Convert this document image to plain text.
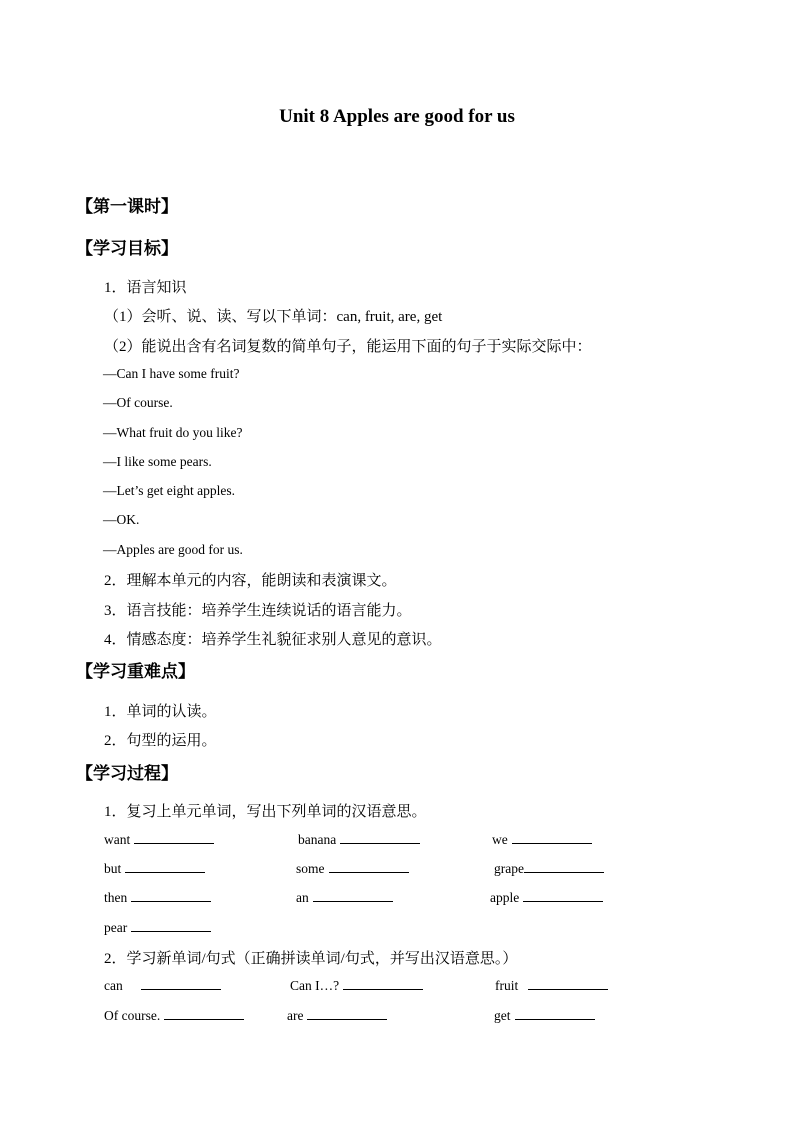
Unit 8 Apples are good for us
【第一课时】
【学习目标】
1．语言知识
（1）会听、说、读、写以下单词：can, fruit, are, get
（2）能说出含有名词复数的简单句子，能运用下面的句子于实际交际中：
—Can I have some fruit?
—Of course.
—What fruit do you like?
—I like some pears.
—Let’s get eight apples.
—OK.
—Apples are good for us.
2．理解本单元的内容，能朗读和表演课文。
3．语言技能：培养学生连续说话的语言能力。
4．情感态度：培养学生礼貌征求别人意见的意识。
【学习重难点】
1．单词的认读。
2．句型的运用。
【学习过程】
1．复习上单元单词，写出下列单词的汉语意思。
want	banana	we
but	some	grape
then	an	apple
pear
2．学习新单词/句式（正确拼读单词/句式，并写出汉语意思。）
can	Can I…?	fruit
Of course.	are	get
